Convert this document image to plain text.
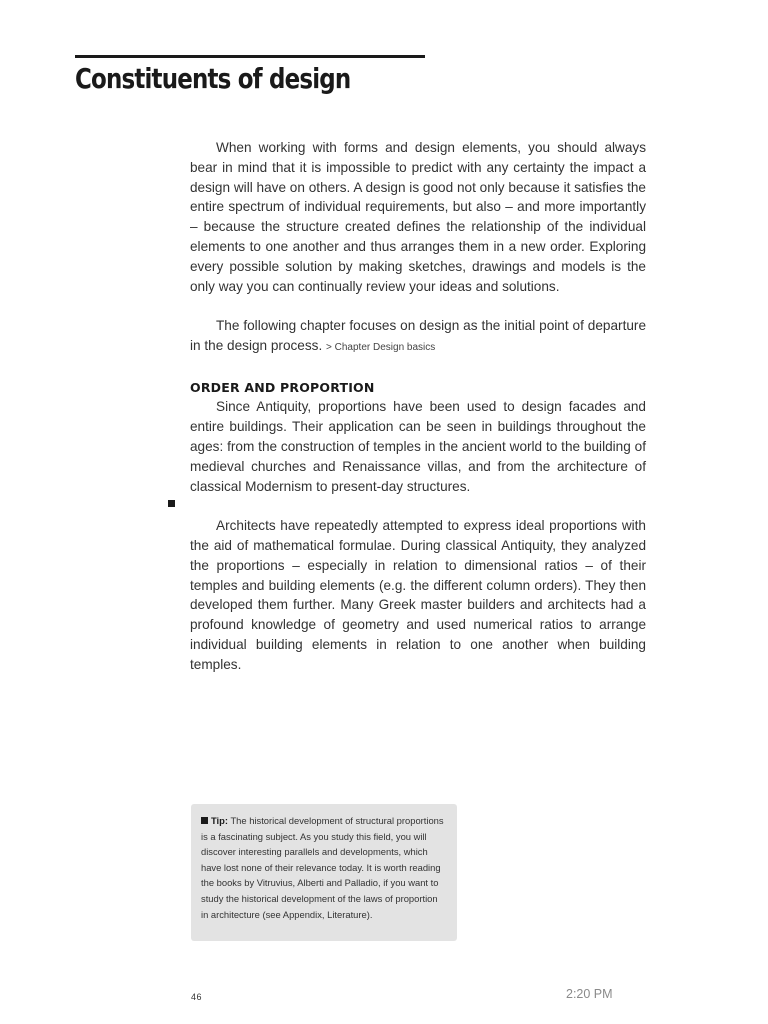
Constituents of design

When working with forms and design elements, you should always bear in mind that it is impossible to predict with any certainty the impact a design will have on others. A design is good not only because it satisfies the entire spectrum of individual requirements, but also – and more importantly – because the structure created defines the relationship of the individual elements to one another and thus arranges them in a new order. Exploring every possible solution by making sketches, drawings and models is the only way you can continually review your ideas and solutions.

The following chapter focuses on design as the initial point of departure in the design process. > Chapter Design basics

ORDER AND PROPORTION

Since Antiquity, proportions have been used to design facades and entire buildings. Their application can be seen in buildings throughout the ages: from the construction of temples in the ancient world to the building of medieval churches and Renaissance villas, and from the architecture of classical Modernism to present-day structures.

Architects have repeatedly attempted to express ideal proportions with the aid of mathematical formulae. During classical Antiquity, they analyzed the proportions – especially in relation to dimensional ratios – of their temples and building elements (e.g. the different column orders). They then developed them further. Many Greek master builders and architects had a profound knowledge of geometry and used numerical ratios to arrange individual building elements in relation to one another when building temples.

Tip: The historical development of structural proportions is a fascinating subject. As you study this field, you will discover interesting parallels and developments, which have lost none of their relevance today. It is worth reading the books by Vitruvius, Alberti and Palladio, if you want to study the historical development of the laws of proportion in architecture (see Appendix, Literature).
46	2:20 PM
